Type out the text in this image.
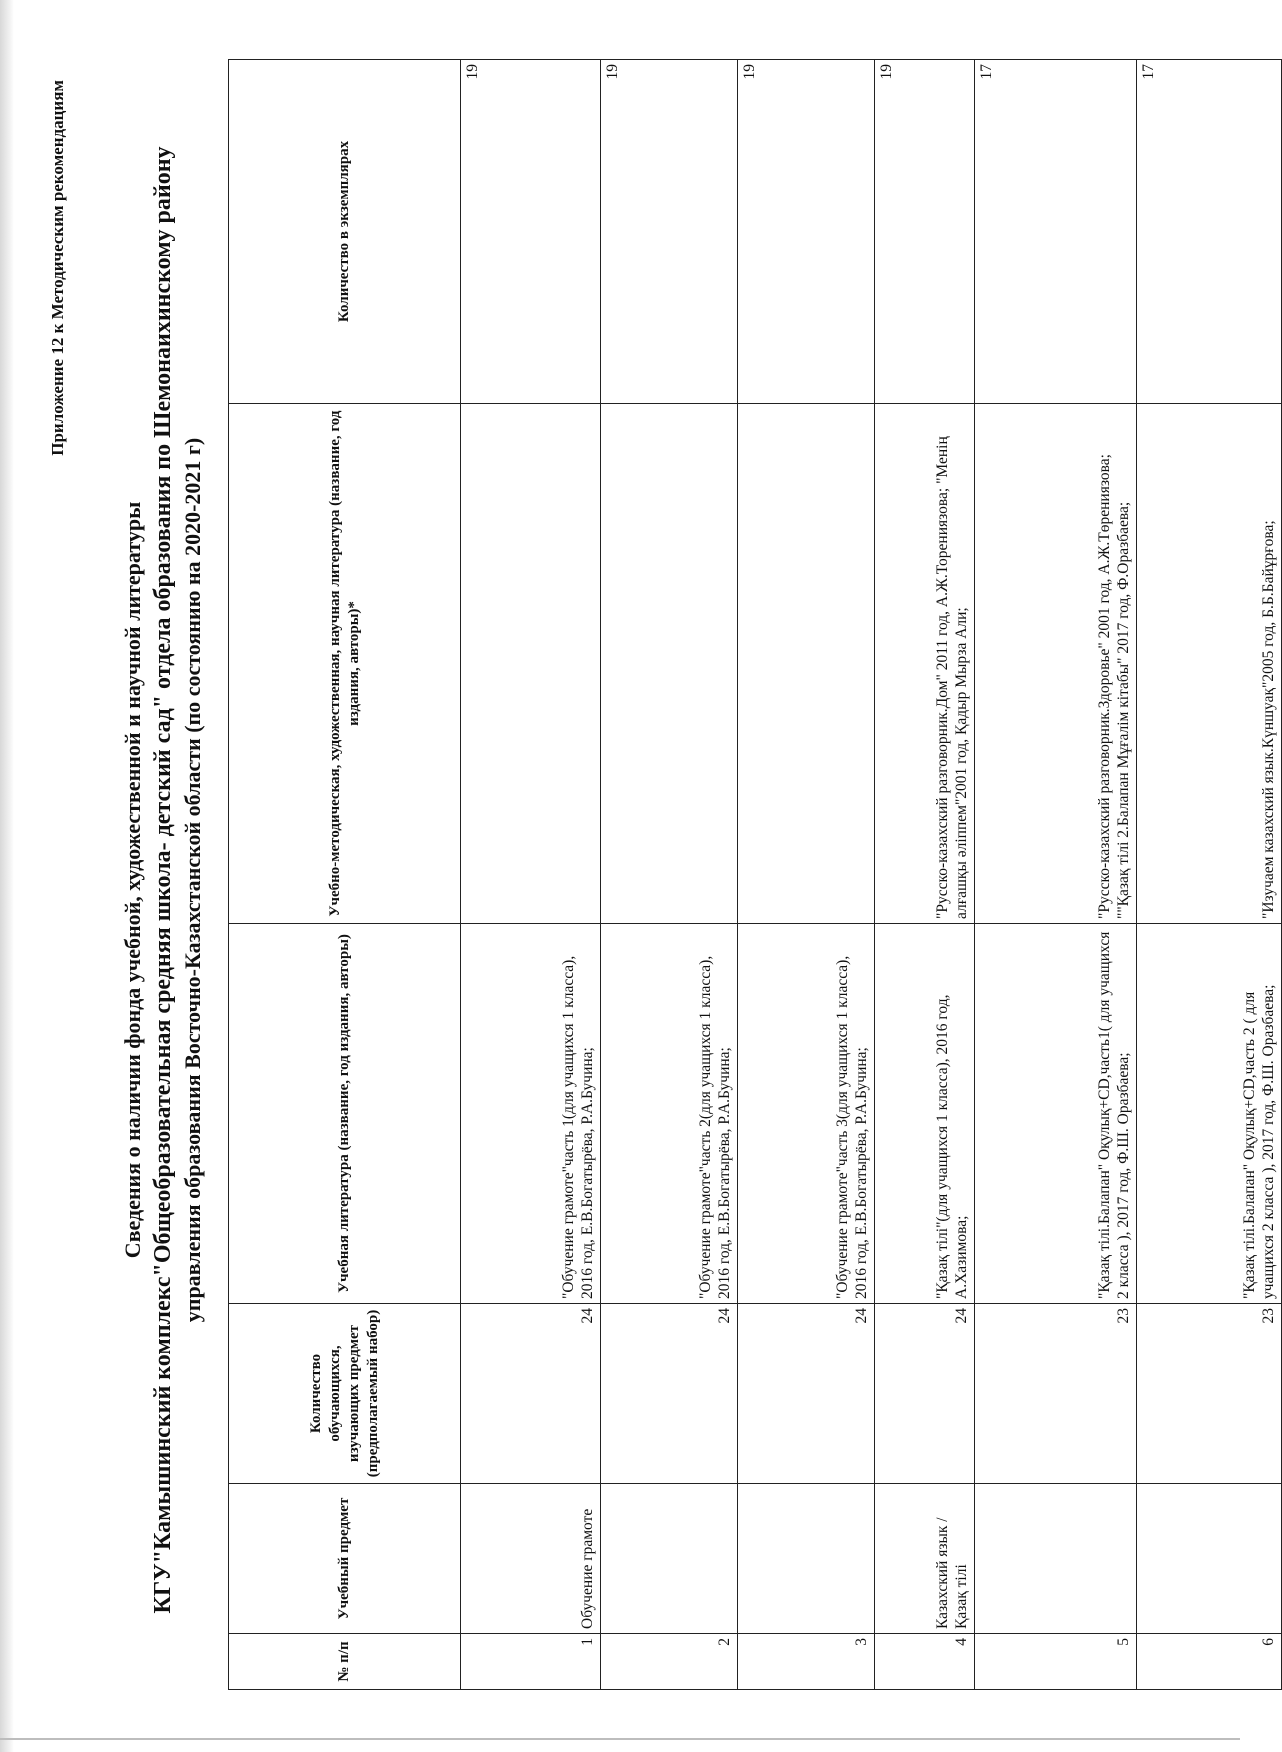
Приложение 12 к Методическим рекомендациям
Сведения о наличии фонда учебной, художественной и научной литературы КГУ"Камышинский комплекс"Общеобразовательная средняя школа- детский сад" отдела образования по Шемонаихинскому району управления образования Восточно-Казахстанской области (по состоянию на 2020-2021 г)
№ п/п	Учебный предмет	Количество обучающихся, изучающих предмет (предполагаемый набор)	Учебная литература (название, год издания, авторы)	Учебно-методическая, художественная, научная литература (название, год издания, авторы)*	Количество в экземплярах
1	Обучение грамоте	24	"Обучение грамоте"часть 1(для учащихся 1 класса), 2016 год, Е.В.Богатырёва, Р.А.Бучина;		19
2		24	"Обучение грамоте"часть 2(для учащихся 1 класса), 2016 год, Е.В.Богатырёва, Р.А.Бучина;		19
3		24	"Обучение грамоте"часть 3(для учащихся 1 класса), 2016 год, Е.В.Богатырёва, Р.А.Бучина;		19
4	Казахский язык /Қазақ тілі	24	"Қазақ тілі"(для учащихся 1 класса), 2016 год, А.Хазимова;	"Русско-казахский разговорник.Дом" 2011 год, А.Ж.Торениязова; "Менің алғашқы әліппем"2001 год, Қадыр Мырза Али;	19
5		23	"Қазақ тілі.Балапан" Оқулық+CD,часть1( для учащихся 2 класса ), 2017 год, Ф.Ш. Оразбаева;	"Русско-казахский разговорник.Здоровье" 2001 год, А.Ж.Төрениязова; ""Қазақ тілі 2.Балапан Мұғалім кітабы" 2017 год, Ф.Оразбаева;	17
6		23	"Қазақ тілі.Балапан" Оқулық+CD,часть 2 ( для учащихся 2 класса ), 2017 год, Ф.Ш. Оразбаева;	"Изучаем казахский язык.Күншуақ"2005 год, Б.Б.Байұрғова;	17
